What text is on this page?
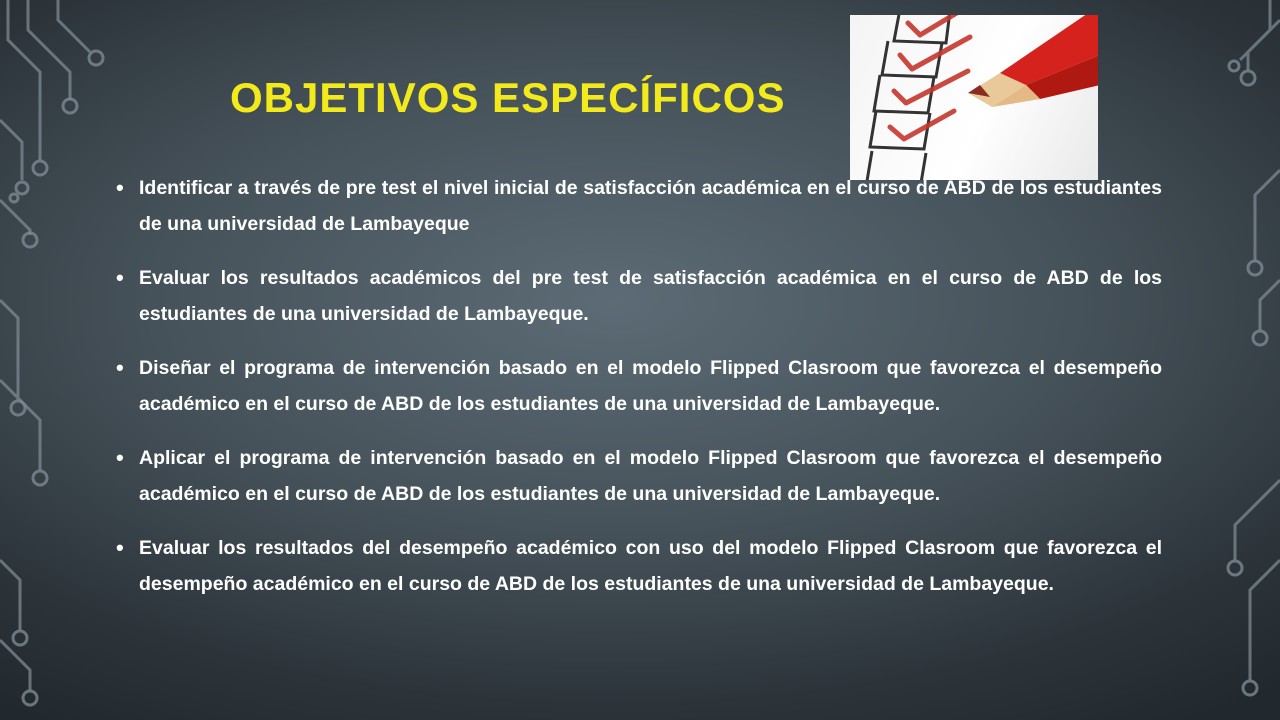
OBJETIVOS ESPECÍFICOS
• Identificar a través de pre test el nivel inicial de satisfacción académica en el curso de ABD de los estudiantes de una universidad de Lambayeque
• Evaluar los resultados académicos del pre test de satisfacción académica en el curso de ABD de los estudiantes de una universidad de Lambayeque.
• Diseñar el programa de intervención basado en el modelo Flipped Clasroom que favorezca el desempeño académico en el curso de ABD de los estudiantes de una universidad de Lambayeque.
• Aplicar el programa de intervención basado en el modelo Flipped Clasroom que favorezca el desempeño académico en el curso de ABD de los estudiantes de una universidad de Lambayeque.
• Evaluar los resultados del desempeño académico con uso del modelo Flipped Clasroom que favorezca el desempeño académico en el curso de ABD de los estudiantes de una universidad de Lambayeque.
